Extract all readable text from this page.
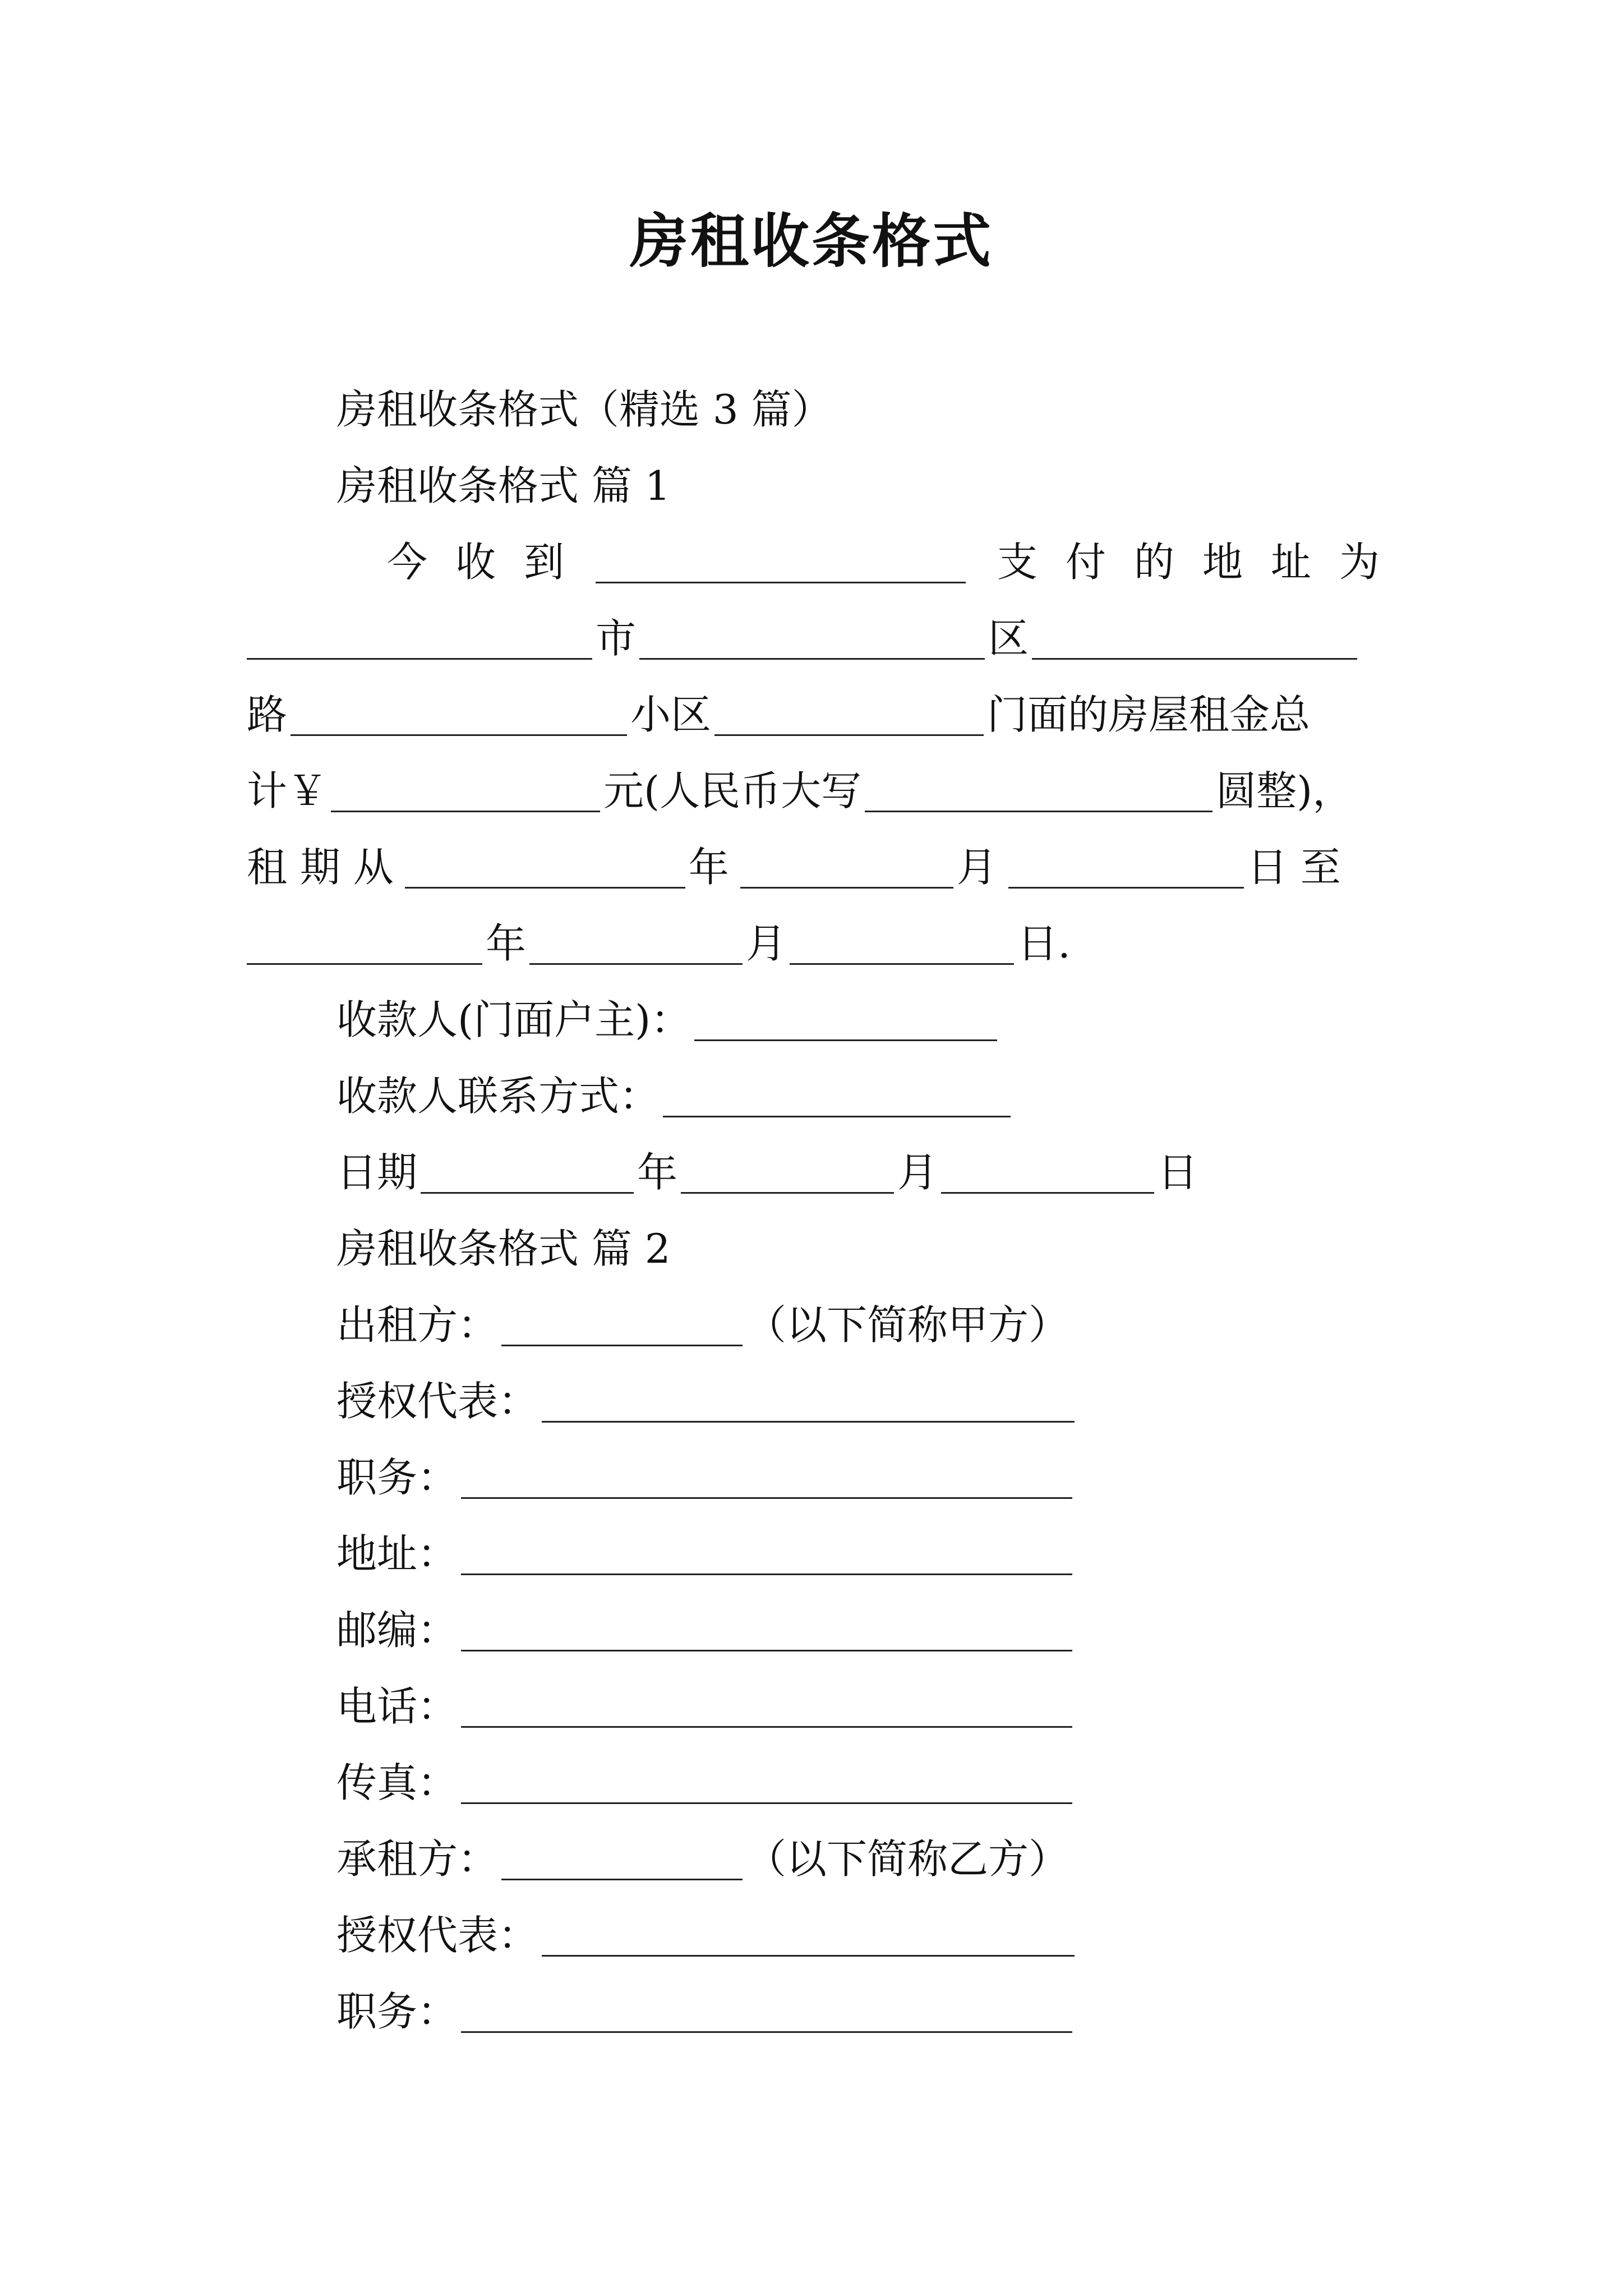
房租收条格式
房租收条格式（精选 3 篇）
房租收条格式 篇 1
今 收 到	支 付 的 地 址 为
市	区
路	小区	门面的房屋租金总
计￥	元(人民币大写	圆整)，
租 期 从	年	月	日 至
年	月	日.
收款人(门面户主)：
收款人联系方式：
日期	年	月	日
房租收条格式 篇 2
出租方：	（以下简称甲方）
授权代表：
职务：
地址：
邮编：
电话：
传真：
承租方：	（以下简称乙方）
授权代表：
职务：
